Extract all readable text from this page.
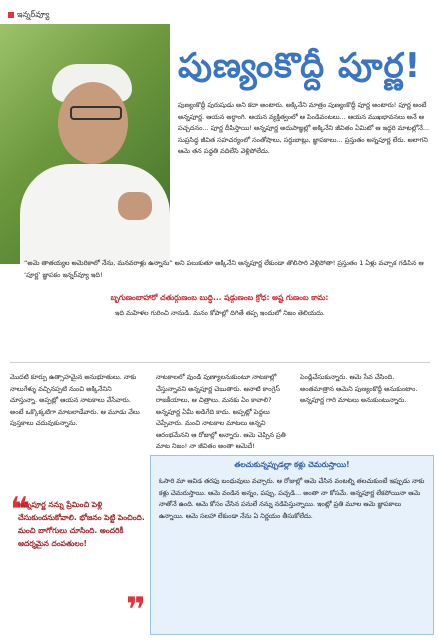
ఇన్నర్‌వ్యూ
పుణ్యంకొద్దీ పూర్ణ!
పుణ్యంకొద్దీ పురుషుడు అని కదా అంటారు. అక్కినేని మాత్రం పుణ్యంకొద్దీ పూర్ణ అంటారు! పూర్ణ అంటే అన్నపూర్ణ. ఆయన అర్ధాంగి. ఆయన వ్యక్తిత్వంలో ఆ పిండివంటలు... ఆయన ముఖభావనలు అనే ఆ పచ్చదనం... పూర్ణ దీపిస్తాయి! అన్నపూర్ణ అదుపాజ్ఞల్లో అక్కినేని జీవితం ఏమిటో ఆ ఇద్దరి మాటల్లోనే... సుప్రసిద్ధ జీవిత సహచర్యంలో సంతోషాలు, సర్దుబాట్లు, జ్ఞాపకాలు... ప్రస్తుతం అన్నపూర్ణ లేరు. అలాగని ఆమె తన పద్ధతి వదిలేసి వెళ్లిపోలేదు.
“అమె తాతయ్యల అమెరికాలో నేను, మనవరాళ్లు ఉన్నాను” అని పలుకుతూ అక్కినేని అన్నపూర్ణ లేకుండా తొలిసారి వెళ్లిపోతా! ప్రస్తుతం 1 ఏళ్లు వచ్చాక గడిపిన ఆ ‘పూర్ణ’ జ్ఞాపకం ఇన్నర్‌వ్యూ ఇది!
బృగుణంబాహారో చతుర్గుణంబ బుద్ధి... షడ్గుణంబ క్రోధ: అష్ట గుణంబ కామ:
ఇది మహిళల గురించి నానుడి. మనం కోపాల్లో దిగితే తప్ప ఇందులో నిజం తెలియదు.
మొదటి కూర్పు ఉత్సాహమైన అనుభూతులు. నాకు నాలుగేళ్ళు వచ్చినప్పటి నుంచి అక్కినేనిని చూస్తున్నా. అప్పట్లో ఆయన నాటకాలు వేసేవారు. అంటే ఒక్కొక్కటిగా మాటలాడేవారు. ఆ మూడు వేలు పుస్తకాలు చదువుకున్నాను.
నాటకాలలో వుండి పుణ్యాలనుకుంటూ నాటకాల్లో చేస్తున్నావని అన్నపూర్ణ చెబుతారు. ఆనాటి కాంగ్రెస్ రాజకీయాలు, ఆ చిత్రాలు. మనకు ఏం కావాలి? అన్నపూర్ణ ఏమీ అడిగేది కాదు. అప్పట్లో పెద్దలు చెప్పేవారు. మంచి నాటకాల మాటలు అన్నవి ఆరంభమేనని ఆ రోజుల్లో అన్నారు. ఆమె చెప్పిన ప్రతి మాట నిజం! నా జీవితం అంతా ఆమెదే!
పెండ్లిచేసుకున్నారు. ఆమె సేవ చేసింది. అంతమాత్రాన ఆమెని పుణ్యంకొద్దీ అనుకుంటాం. అన్నపూర్ణ గారి మాటలు అనుకుంటున్నారు.
❝
అన్నపూర్ణ నన్ను ప్రేమించి పెళ్లి చేసుకుందనుకోవాలి. భోజనం పెట్టి పెంచింది. మంచి బాగోగులు చూసింది. అందరికీ ఆదర్శమైన దంపతులం!
❞
తలచుకున్నప్పుడల్లా కళ్లు చెమరుస్తాయి!
ఓసారి మా ఆవిడ తరఫు బంధువులు వచ్చారు. ఆ రోజుల్లో ఆమె చేసిన వంటల్ని తలచుకుంటే ఇప్పుడు నాకు కళ్లు చెమరుస్తాయి. ఆమె వండిన అన్నం, పప్పు, పచ్చడి... అంతా నా కోసమే. అన్నపూర్ణ లేకపోయినా ఆమె నాతోనే ఉంది. ఆమె కోసం చేసిన పనులే నన్ను నడిపిస్తున్నాయి. ఇంట్లో ప్రతి మూల ఆమె జ్ఞాపకాలు ఉన్నాయి. ఆమె సలహా లేకుండా నేను ఏ నిర్ణయం తీసుకోలేదు.
